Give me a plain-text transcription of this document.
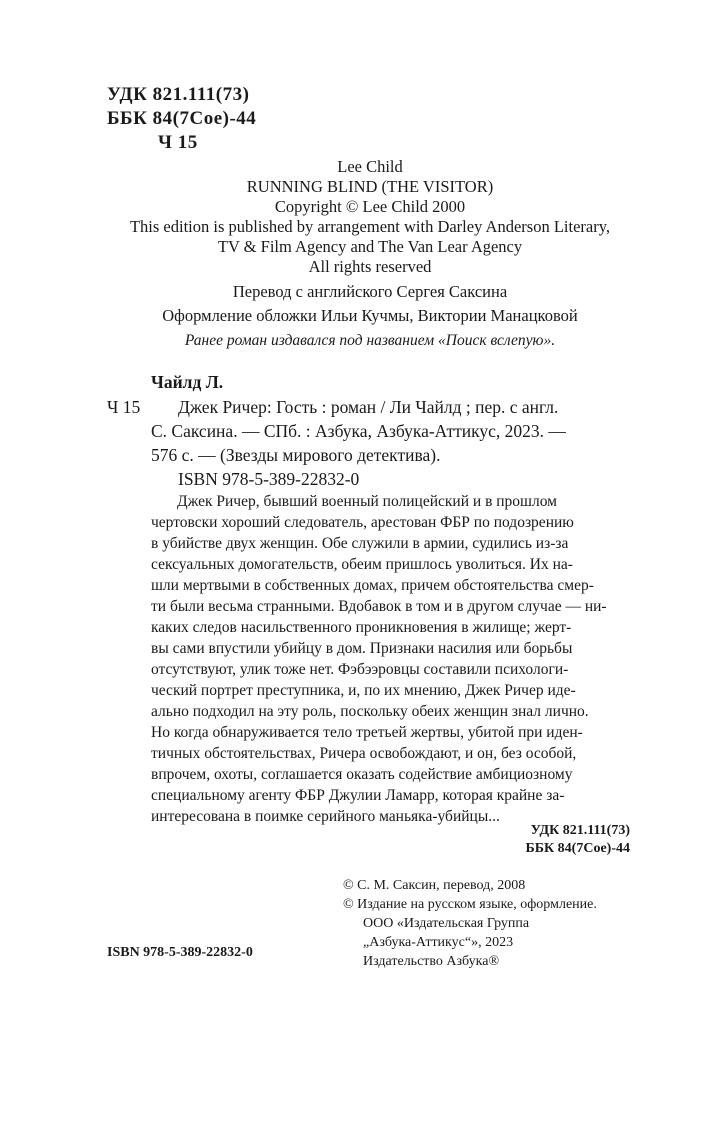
УДК 821.111(73)
ББК 84(7Сое)-44
Ч 15
Lee Child
RUNNING BLIND (THE VISITOR)
Copyright © Lee Child 2000
This edition is published by arrangement with Darley Anderson Literary,
TV & Film Agency and The Van Lear Agency
All rights reserved
Перевод с английского Сергея Саксина
Оформление обложки Ильи Кучмы, Виктории Манацковой
Ранее роман издавался под названием «Поиск вслепую».
Чайлд Л.
Ч 15 Джек Ричер: Гость : роман / Ли Чайлд ; пер. с англ.
С. Саксина. — СПб. : Азбука, Азбука-Аттикус, 2023. —
576 с. — (Звезды мирового детектива).
ISBN 978-5-389-22832-0
Джек Ричер, бывший военный полицейский и в прошлом
чертовски хороший следователь, арестован ФБР по подозрению
в убийстве двух женщин. Обе служили в армии, судились из-за
сексуальных домогательств, обеим пришлось уволиться. Их на-
шли мертвыми в собственных домах, причем обстоятельства смер-
ти были весьма странными. Вдобавок в том и в другом случае — ни-
каких следов насильственного проникновения в жилище; жерт-
вы сами впустили убийцу в дом. Признаки насилия или борьбы
отсутствуют, улик тоже нет. Фэбээровцы составили психологи-
ческий портрет преступника, и, по их мнению, Джек Ричер иде-
ально подходил на эту роль, поскольку обеих женщин знал лично.
Но когда обнаруживается тело третьей жертвы, убитой при иден-
тичных обстоятельствах, Ричера освобождают, и он, без особой,
впрочем, охоты, соглашается оказать содействие амбициозному
специальному агенту ФБР Джулии Ламарр, которая крайне за-
интересована в поимке серийного маньяка-убийцы...
УДК 821.111(73)
ББК 84(7Сое)-44
© С. М. Саксин, перевод, 2008
© Издание на русском языке, оформление.
ООО «Издательская Группа
„Азбука-Аттикус“», 2023
Издательство Азбука®
ISBN 978-5-389-22832-0
